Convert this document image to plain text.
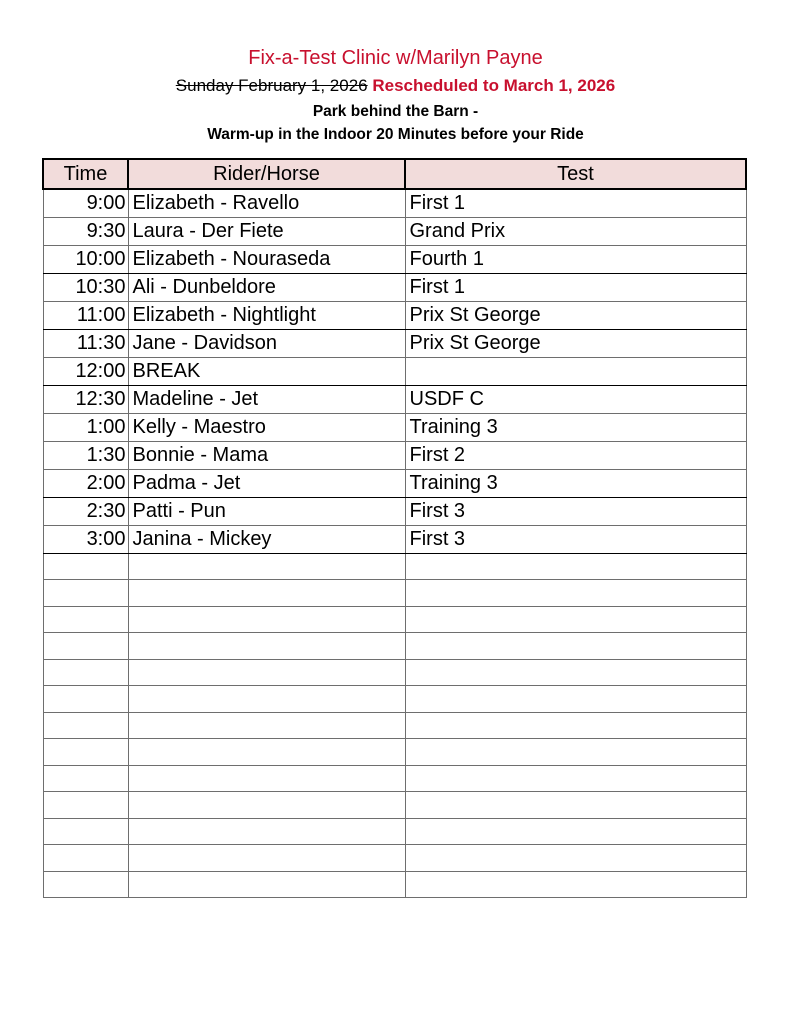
Fix-a-Test Clinic w/Marilyn Payne
Sunday February 1, 2026 Rescheduled to March 1, 2026
Park behind the Barn -
Warm-up in the Indoor 20 Minutes before your Ride
Time	Rider/Horse	Test
9:00	Elizabeth - Ravello	First 1
9:30	Laura - Der Fiete	Grand Prix
10:00	Elizabeth - Nouraseda	Fourth 1
10:30	Ali - Dunbeldore	First 1
11:00	Elizabeth - Nightlight	Prix St George
11:30	Jane - Davidson	Prix St George
12:00	BREAK	
12:30	Madeline - Jet	USDF C
1:00	Kelly - Maestro	Training 3
1:30	Bonnie - Mama	First 2
2:00	Padma - Jet	Training 3
2:30	Patti - Pun	First 3
3:00	Janina - Mickey	First 3
